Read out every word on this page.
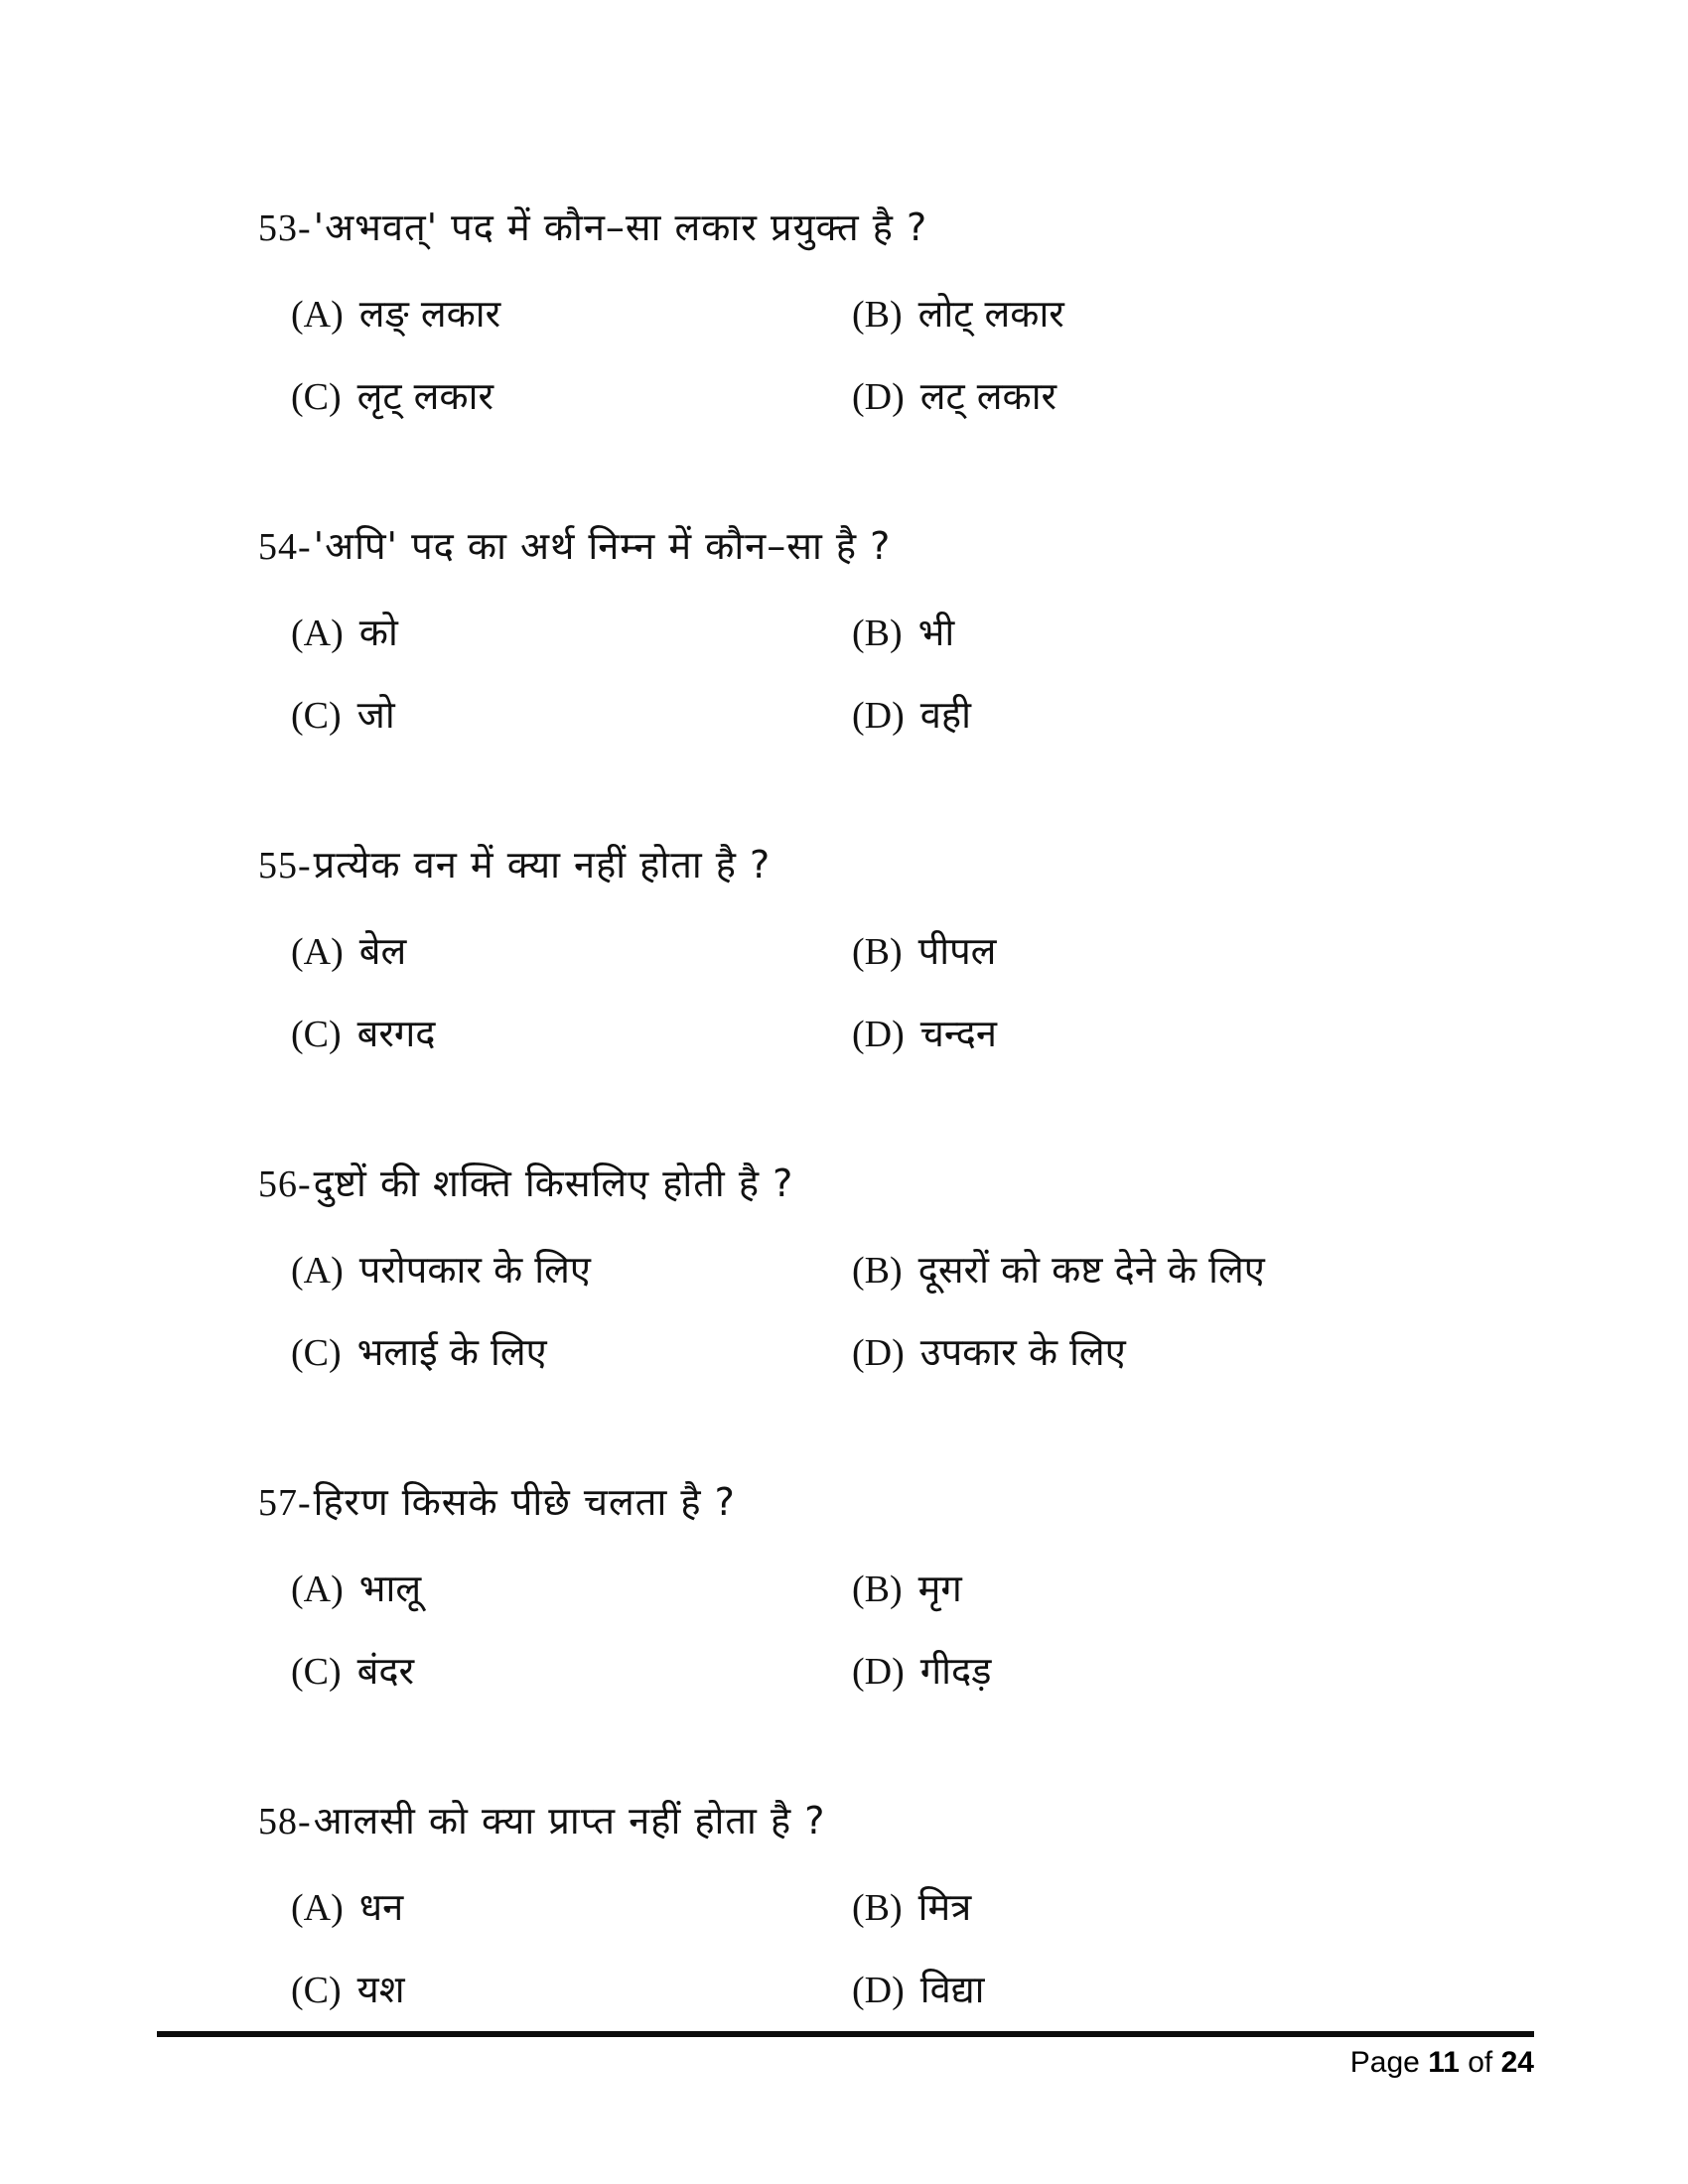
53-'अभवत्' पद में कौन–सा लकार प्रयुक्त है ?
(A) लङ् लकार	(B) लोट् लकार
(C) लृट् लकार	(D) लट् लकार
54-'अपि' पद का अर्थ निम्न में कौन–सा है ?
(A) को	(B) भी
(C) जो	(D) वही
55-प्रत्येक वन में क्या नहीं होता है ?
(A) बेल	(B) पीपल
(C) बरगद	(D) चन्दन
56-दुष्टों की शक्ति किसलिए होती है ?
(A) परोपकार के लिए	(B) दूसरों को कष्ट देने के लिए
(C) भलाई के लिए	(D) उपकार के लिए
57-हिरण किसके पीछे चलता है ?
(A) भालू	(B) मृग
(C) बंदर	(D) गीदड़
58-आलसी को क्या प्राप्त नहीं होता है ?
(A) धन	(B) मित्र
(C) यश	(D) विद्या
Page 11 of 24
